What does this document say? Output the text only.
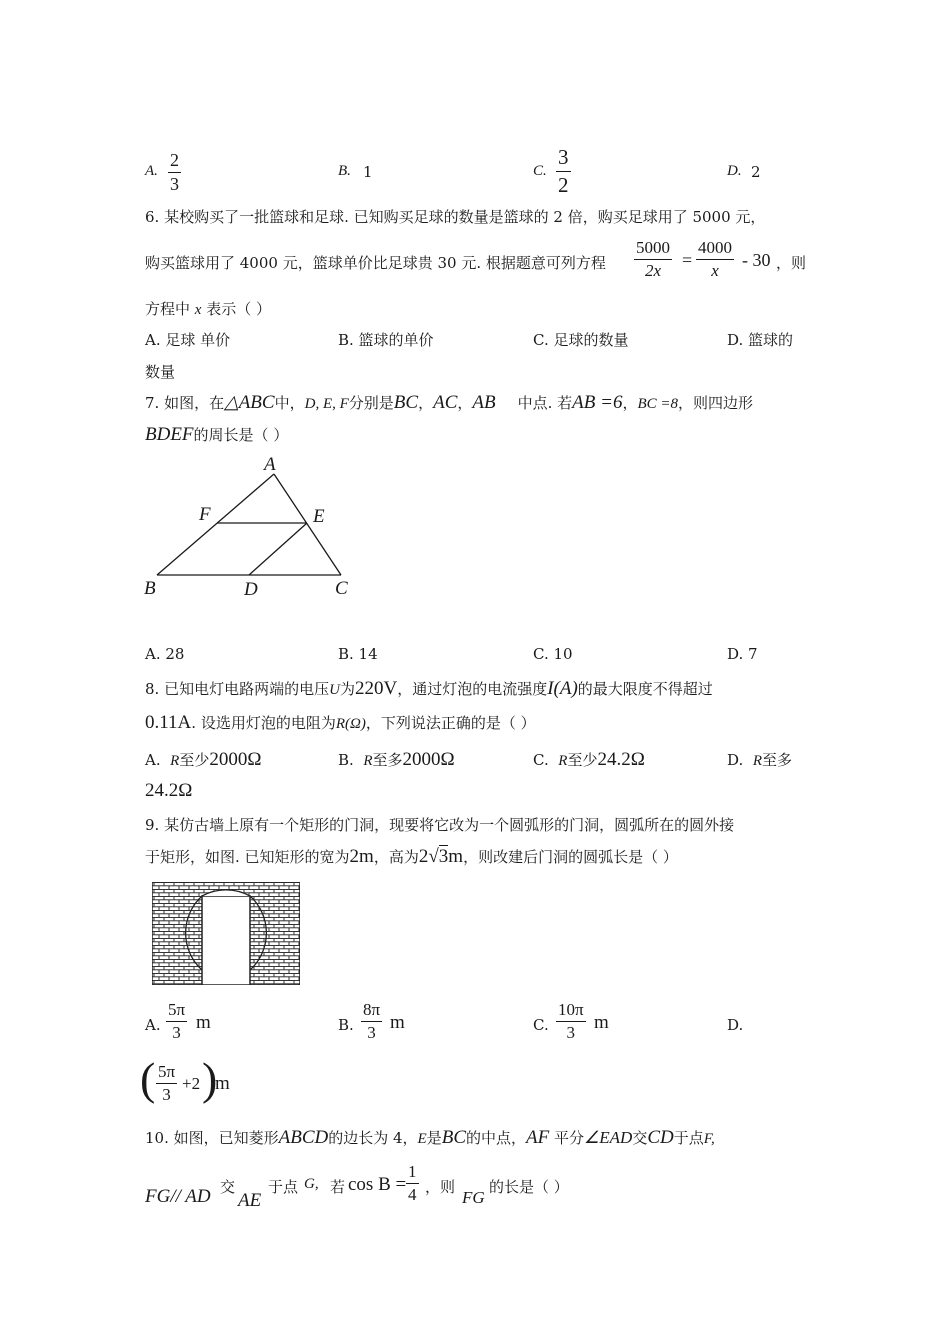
A. $\frac{2}{3}$	B. 1	C. $\frac{3}{2}$	D. 2
6. 某校购买了一批篮球和足球. 已知购买足球的数量是篮球的 2 倍，购买足球用了 5000 元，
购买篮球用了 4000 元，篮球单价比足球贵 30 元. 根据题意可列方程 $\frac{5000}{2x} = \frac{4000}{x} - 30$ ，则
方程中 x 表示（ ）
A. 足球 单价	B. 篮球的单价	C. 足球的数量	D. 篮球的
数量
7. 如图，在△ABC中，D, E, F分别是BC，AC，AB 中点. 若AB =6，BC =8，则四边形
BDEF的周长是（ ）
A
B	C
D
E
F
A. 28	B. 14	C. 10	D. 7
8. 已知电灯电路两端的电压U为220V，通过灯泡的电流强度I(A)的最大限度不得超过
0.11A. 设选用灯泡的电阻为R(Ω)，下列说法正确的是（ ）
A. R至少2000Ω	B. R至多2000Ω	C. R至少24.2Ω	D. R至多
24.2Ω
9. 某仿古墙上原有一个矩形的门洞，现要将它改为一个圆弧形的门洞，圆弧所在的圆外接
于矩形，如图. 已知矩形的宽为2m，高为2√3m，则改建后门洞的圆弧长是（ ）
A. $\frac{5\pi}{3}$ m	B. $\frac{8\pi}{3}$ m	C. $\frac{10\pi}{3}$ m	D.
( $\frac{5\pi}{3} +2$ )
m
10. 如图，已知菱形ABCD的边长为 4，E是BC的中点，AF 平分∠EAD交CD于点F,
FG// AD 交
AE
于点 G, 若 $\cos B = \frac{1}{4}$ ，则
FG
的长是（ ）
